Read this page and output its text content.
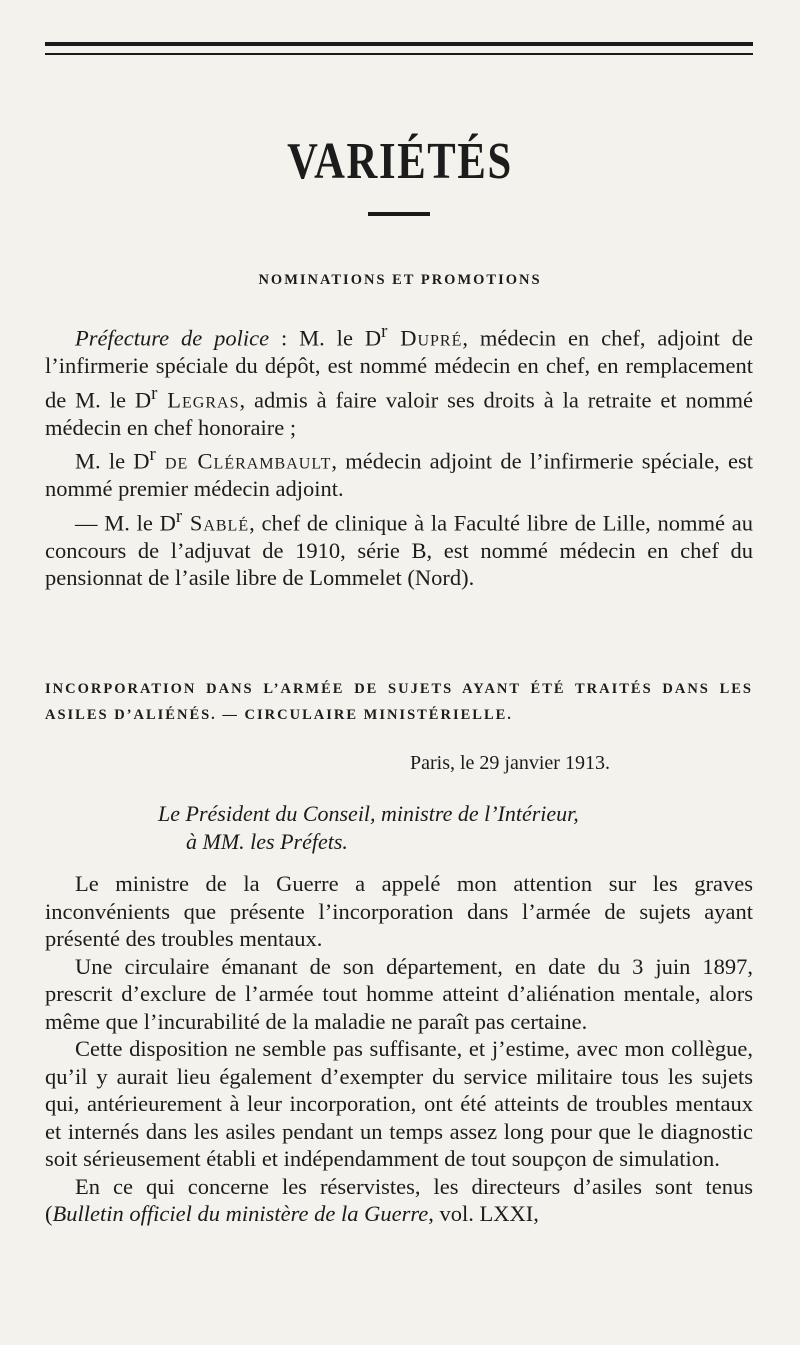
VARIÉTÉS
NOMINATIONS ET PROMOTIONS

Préfecture de police : M. le $D^r$ Dupré, médecin en chef, adjoint de l’infirmerie spéciale du dépôt, est nommé médecin en chef, en remplacement de M. le $D^r$ Legras, admis à faire valoir ses droits à la retraite et nommé médecin en chef honoraire ;

M. le $D^r$ de Clérambault, médecin adjoint de l’infirmerie spéciale, est nommé premier médecin adjoint.

— M. le $D^r$ Sablé, chef de clinique à la Faculté libre de Lille, nommé au concours de l’adjuvat de 1910, série B, est nommé médecin en chef du pensionnat de l’asile libre de Lommelet (Nord).

INCORPORATION DANS L’ARMÉE DE SUJETS AYANT ÉTÉ TRAITÉS DANS LES ASILES D’ALIÉNÉS. — CIRCULAIRE MINISTÉRIELLE.
Paris, le 29 janvier 1913.
Le Président du Conseil, ministre de l’Intérieur,
à MM. les Préfets.

Le ministre de la Guerre a appelé mon attention sur les graves inconvénients que présente l’incorporation dans l’armée de sujets ayant présenté des troubles mentaux.

Une circulaire émanant de son département, en date du 3 juin 1897, prescrit d’exclure de l’armée tout homme atteint d’aliénation mentale, alors même que l’incurabilité de la maladie ne paraît pas certaine.

Cette disposition ne semble pas suffisante, et j’estime, avec mon collègue, qu’il y aurait lieu également d’exempter du service militaire tous les sujets qui, antérieurement à leur incorporation, ont été atteints de troubles mentaux et internés dans les asiles pendant un temps assez long pour que le diagnostic soit sérieusement établi et indépendamment de tout soupçon de simulation.

En ce qui concerne les réservistes, les directeurs d’asiles sont tenus (Bulletin officiel du ministère de la Guerre, vol. LXXI,
